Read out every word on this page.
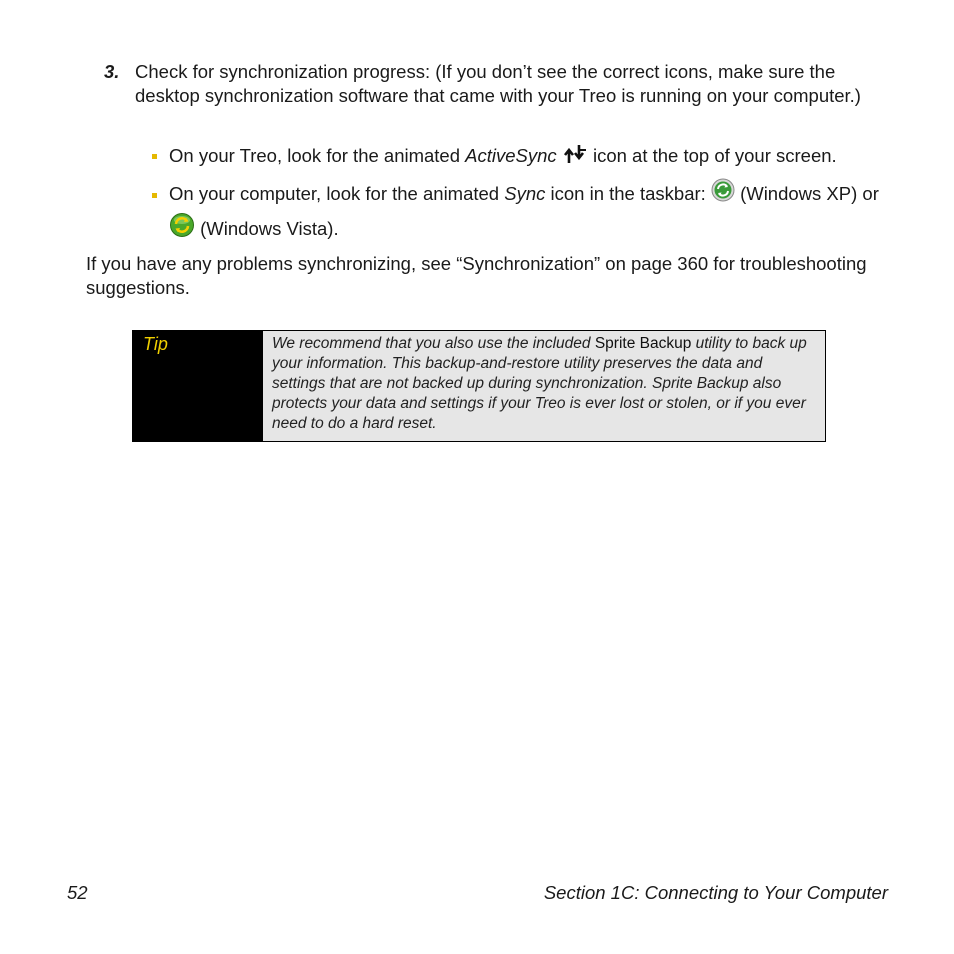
3. Check for synchronization progress: (If you don’t see the correct icons, make sure the desktop synchronization software that came with your Treo is running on your computer.)
On your Treo, look for the animated ActiveSync  icon at the top of your screen.
On your computer, look for the animated Sync icon in the taskbar:  (Windows XP) or  (Windows Vista).
If you have any problems synchronizing, see “Synchronization” on page 360 for troubleshooting suggestions.
Tip	We recommend that you also use the included Sprite Backup utility to back up your information. This backup-and-restore utility preserves the data and settings that are not backed up during synchronization. Sprite Backup also protects your data and settings if your Treo is ever lost or stolen, or if you ever need to do a hard reset.
52	Section 1C: Connecting to Your Computer
